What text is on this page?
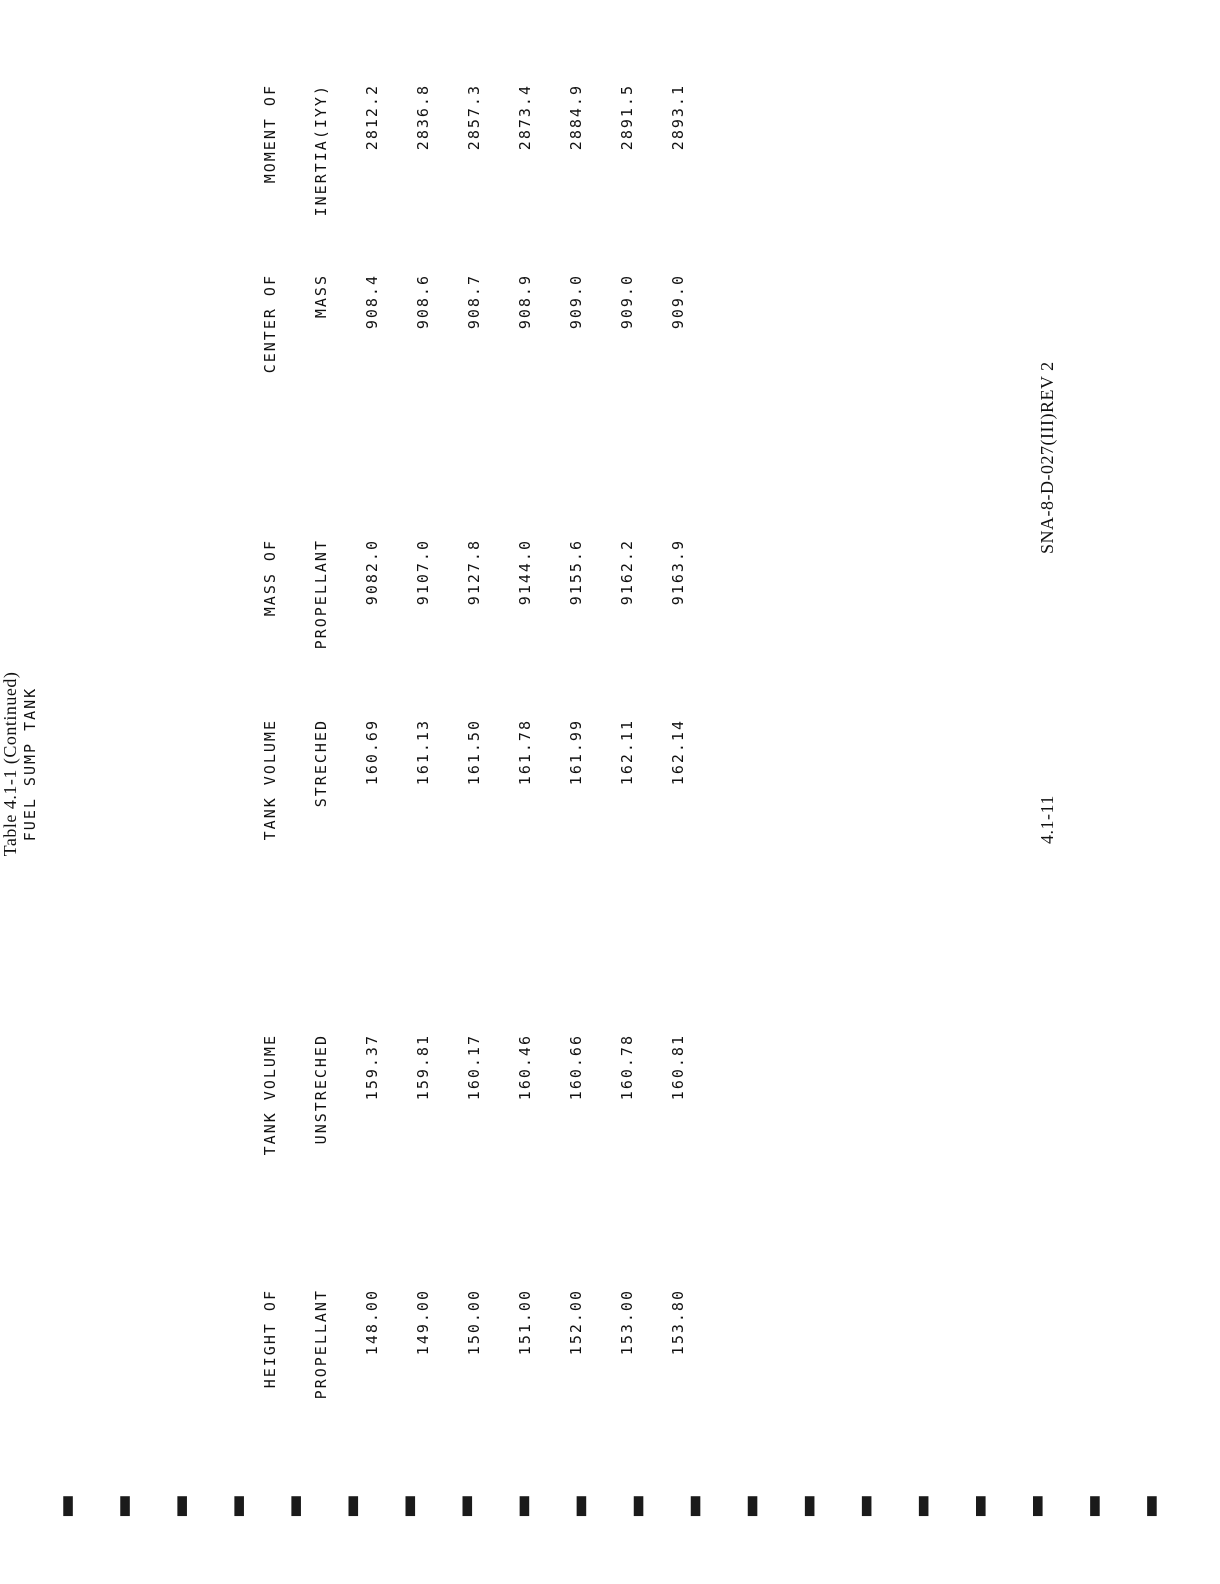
Table 4.1-1 (Continued) FUEL SUMP TANK

HEIGHT OF

PROPELLANT

148.00

149.00

150.00

151.00

152.00

153.00

153.80

TANK VOLUME

UNSTRECHED

159.37

159.81

160.17

160.46

160.66

160.78

160.81

TANK VOLUME

STRECHED

160.69

161.13

161.50

161.78

161.99

162.11

162.14

MASS OF

PROPELLANT

9082.0

9107.0

9127.8

9144.0

9155.6

9162.2

9163.9

CENTER OF

MASS

908.4

908.6

908.7

908.9

909.0

909.0

909.0

MOMENT OF

INERTIA(IYY)

2812.2

2836.8

2857.3

2873.4

2884.9

2891.5

2893.1

4.1-11
SNA-8-D-027(III)REV 2
▮ ▮ ▮ ▮ ▮ ▮ ▮ ▮ ▮ ▮ ▮ ▮ ▮ ▮ ▮ ▮ ▮ ▮ ▮ ▮
